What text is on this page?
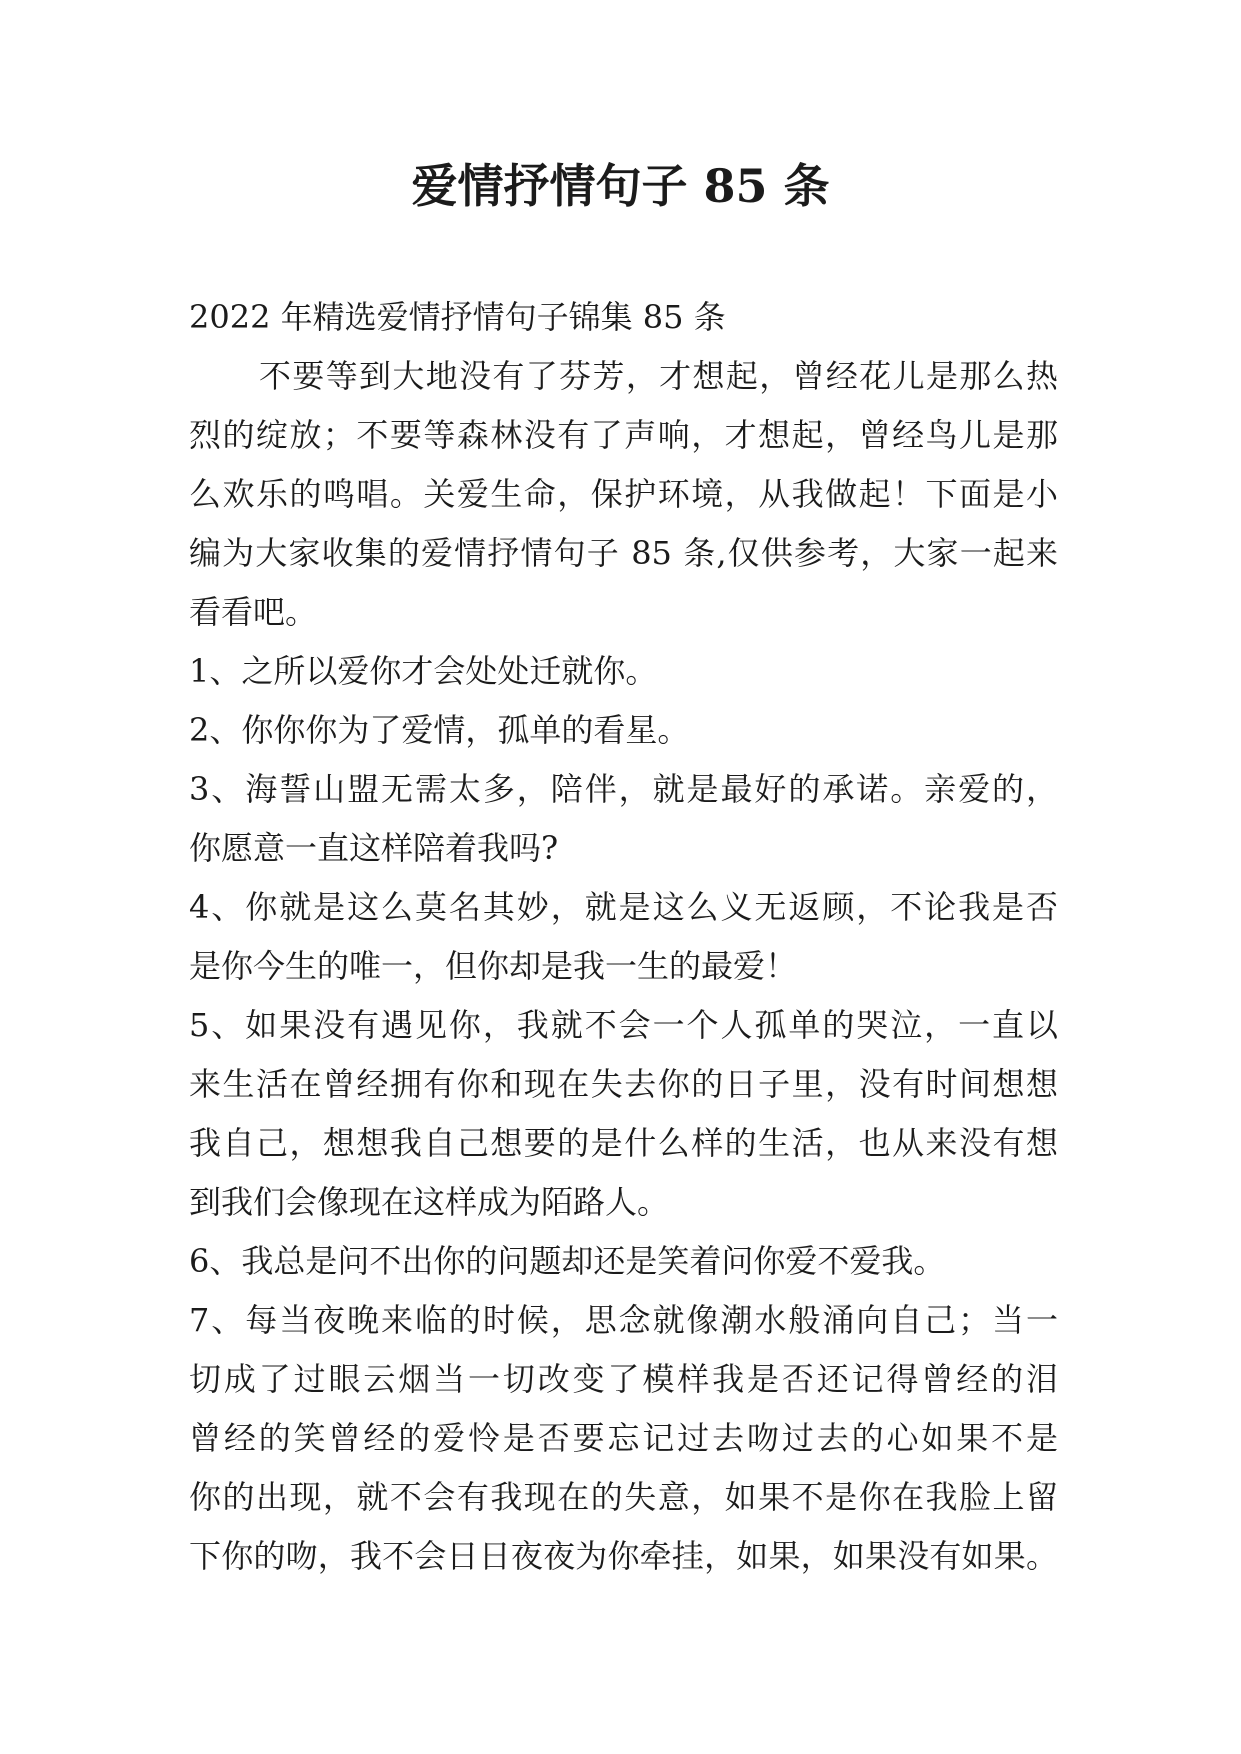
爱情抒情句子 85 条
2022 年精选爱情抒情句子锦集 85 条
不要等到大地没有了芬芳，才想起，曾经花儿是那么热
烈的绽放；不要等森林没有了声响，才想起，曾经鸟儿是那
么欢乐的鸣唱。关爱生命，保护环境，从我做起！下面是小
编为大家收集的爱情抒情句子 85 条,仅供参考，大家一起来
看看吧。
1、之所以爱你才会处处迁就你。
2、你你你为了爱情，孤单的看星。
3、海誓山盟无需太多，陪伴，就是最好的承诺。亲爱的，
你愿意一直这样陪着我吗?
4、你就是这么莫名其妙，就是这么义无返顾，不论我是否
是你今生的唯一，但你却是我一生的最爱！
5、如果没有遇见你，我就不会一个人孤单的哭泣，一直以
来生活在曾经拥有你和现在失去你的日子里，没有时间想想
我自己，想想我自己想要的是什么样的生活，也从来没有想
到我们会像现在这样成为陌路人。
6、我总是问不出你的问题却还是笑着问你爱不爱我。
7、每当夜晚来临的时候，思念就像潮水般涌向自己；当一
切成了过眼云烟当一切改变了模样我是否还记得曾经的泪
曾经的笑曾经的爱怜是否要忘记过去吻过去的心如果不是
你的出现，就不会有我现在的失意，如果不是你在我脸上留
下你的吻，我不会日日夜夜为你牵挂，如果，如果没有如果。
